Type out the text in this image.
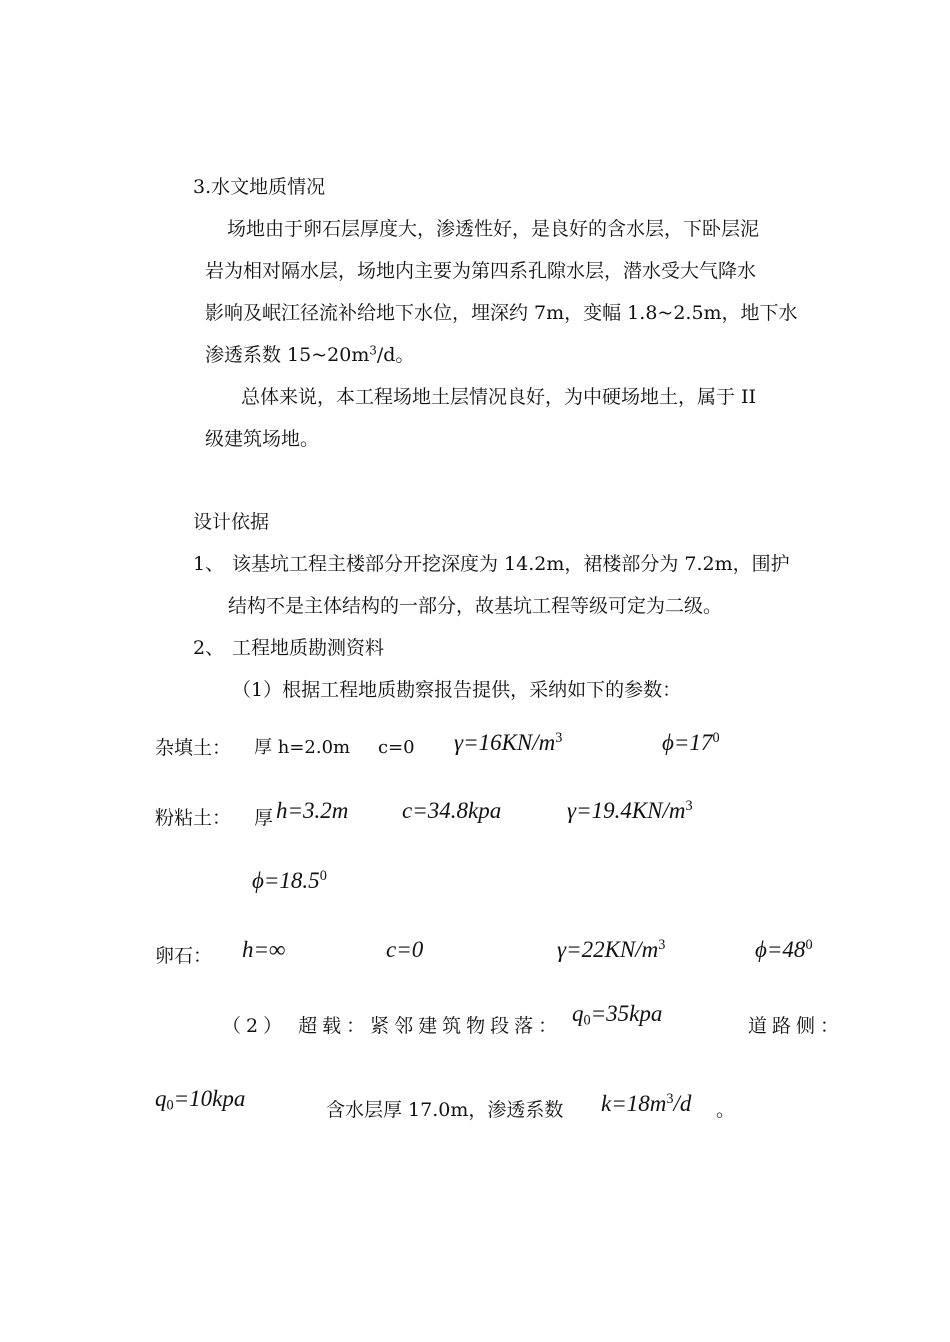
3.水文地质情况
场地由于卵石层厚度大，渗透性好，是良好的含水层，下卧层泥
岩为相对隔水层，场地内主要为第四系孔隙水层，潜水受大气降水
影响及岷江径流补给地下水位，埋深约 7m，变幅 1.8~2.5m，地下水
渗透系数 $15\sim 20m^3/d$。
总体来说，本工程场地土层情况良好，为中硬场地土，属于 II
级建筑场地。
设计依据
1、 该基坑工程主楼部分开挖深度为 14.2m，裙楼部分为 7.2m，围护
结构不是主体结构的一部分，故基坑工程等级可定为二级。
2、 工程地质勘测资料
（1）根据工程地质勘察报告提供，采纳如下的参数：
杂填土： 厚 h=2.0m c=0 $\gamma=16KN/m^3$	$\phi=17^0$
粉粘土： 厚 h=3.2m c=34.8kpa	$\gamma=19.4KN/m^3$
$\phi=18.5^0$
卵石： h=∞	c=0	$\gamma=22KN/m^3$	$\phi=48^0$
（2） 超载：紧邻建筑物段落： $q_0=35kpa$	道路侧：
$q_0=10kpa$	含水层厚 17.0m，渗透系数 $k=18m^3/d$ 。
